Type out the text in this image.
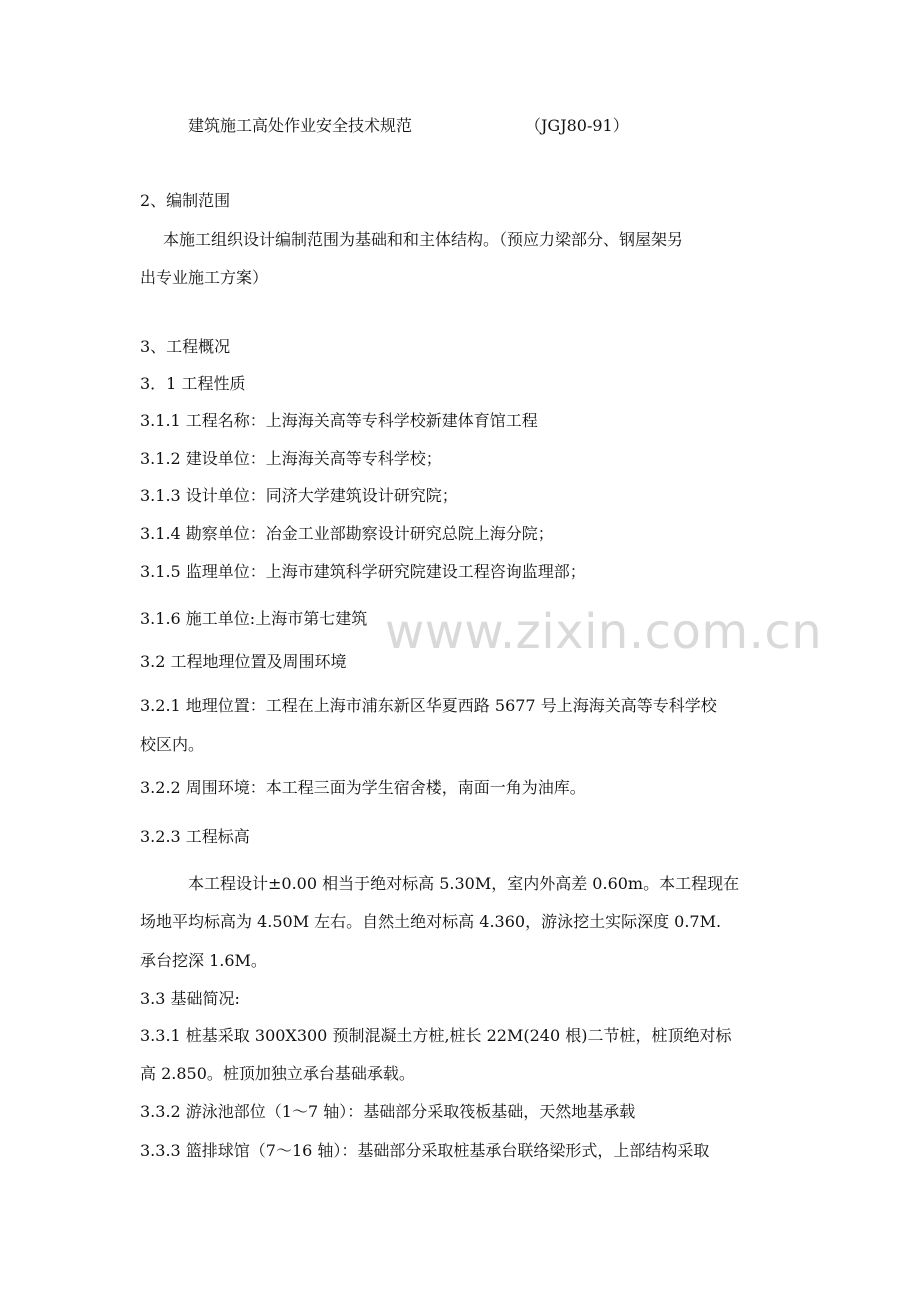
建筑施工高处作业安全技术规范	（JGJ80-91）
2、编制范围
本施工组织设计编制范围为基础和和主体结构。（预应力梁部分、钢屋架另
出专业施工方案）
3、工程概况
3．1 工程性质
3.1.1 工程名称：上海海关高等专科学校新建体育馆工程
3.1.2 建设单位：上海海关高等专科学校；
3.1.3 设计单位：同济大学建筑设计研究院；
3.1.4 勘察单位：冶金工业部勘察设计研究总院上海分院；
3.1.5 监理单位：上海市建筑科学研究院建设工程咨询监理部；
3.1.6 施工单位:上海市第七建筑
3.2 工程地理位置及周围环境
3.2.1 地理位置：工程在上海市浦东新区华夏西路 5677 号上海海关高等专科学校
校区内。
3.2.2 周围环境：本工程三面为学生宿舍楼，南面一角为油库。
3.2.3 工程标高
本工程设计±0.00 相当于绝对标高 5.30M，室内外高差 0.60m。本工程现在
场地平均标高为 4.50M 左右。自然土绝对标高 4.360，游泳挖土实际深度 0.7M.
承台挖深 1.6M。
3.3 基础简况:
3.3.1 桩基采取 300X300 预制混凝土方桩,桩长 22M(240 根)二节桩，桩顶绝对标
高 2.850。桩顶加独立承台基础承载。
3.3.2 游泳池部位（1～7 轴）：基础部分采取筏板基础，天然地基承载
3.3.3 篮排球馆（7～16 轴）：基础部分采取桩基承台联络梁形式，上部结构采取
www.zixin.com.cn
